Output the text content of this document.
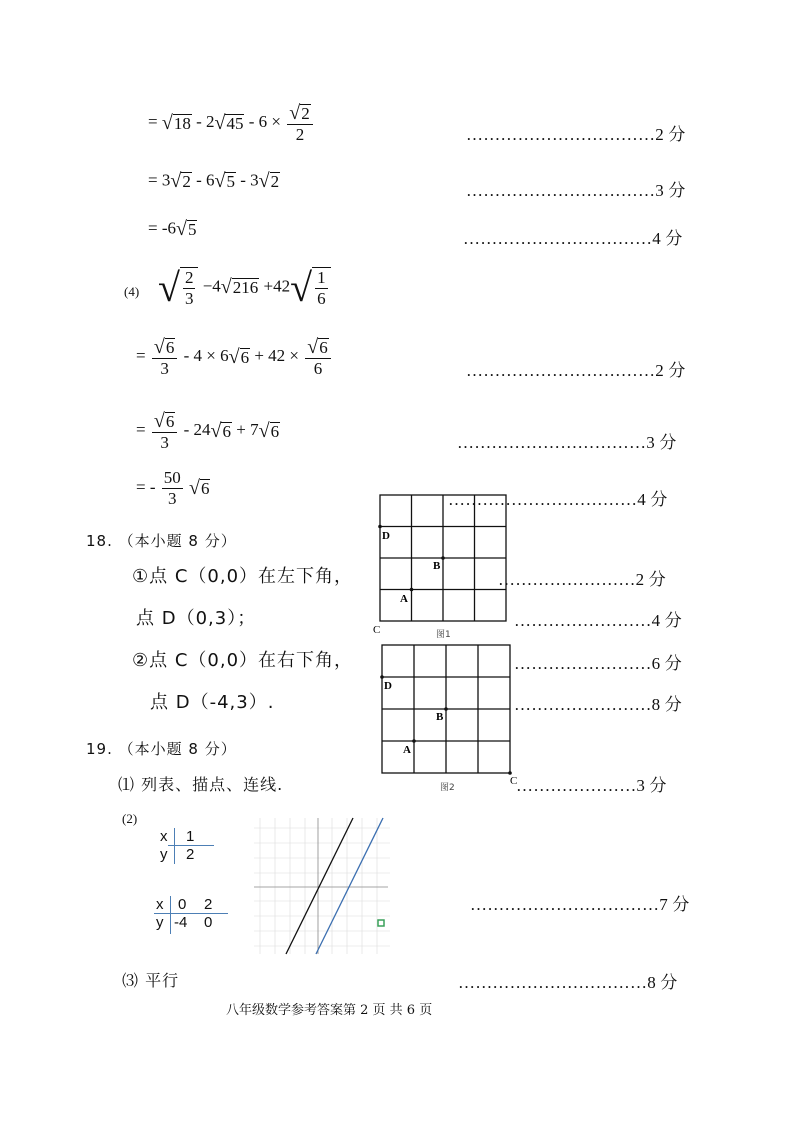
= $√18 - 2√45 - 6 \times \frac{√2}{2}$	……………………………2 分
= 3√2 - 6√5 - 3√2	……………………………3 分
= -6√5	……………………………4 分
(4) √ $\frac{2}{3} -4√216 +42√ \frac{1}{6}$
= $\frac{√6}{3} - 4 \times 6√6 + 42 \times \frac{√6}{6}$	……………………………2 分
= $\frac{√6}{3} - 24√6 + 7√6$
……………………………3 分
= - $\frac{50}{3} √6$
……………………………4 分
18. （本小题 8 分）
①点 C（0,0）在左下角，	……………………2 分
点 D（0,3）；	……………………4 分
②点 C（0,0）在右下角，	……………………6 分
点 D（-4,3）.	……………………8 分
D
B
A
C	图1
D
B
A
C
图2
19. （本小题 8 分）
⑴ 列表、描点、连线.	…………………3 分
(2)
x 1
y 2
x 0 2
y -4 0
……………………………7 分
⑶ 平行	……………………………8 分
八年级数学参考答案第 2 页 共 6 页
